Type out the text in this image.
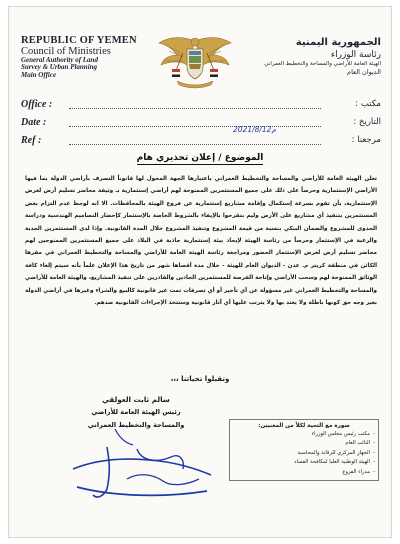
REPUBLIC OF YEMEN
Council of Ministries
General Authority of Land
Survey & Urban Planning
Main Office
الجمهورية اليمنية
رئاسة الوزراء
الهيئة العامة للأراضي والمساحة والتخطيط العمراني
الديوان العام
Office :	مكتب :
Date :	التاريخ :
2021/8/12م
Ref :	مرجعنا :
الموضوع / إعلان تحذيري هام
تعلن الهيئة العامة للأراضي والمساحة والتخطيط العمراني باعتبارها الجهة المخول لها قانوناً التصرف بأراضي الدولة بما فيها الأراضي الإستثمارية وحرصاً على ذلك على جميع المستثمرين الممنوحة لهم أراضي إستثمارية بـ وثيقة محاضر تسليم أرض لغرض الإستثمارية، بأن تقوم بسرعة إستكمال وإقامة مشاريع إستثمارية عن فروع الهيئة بالمحافظات. الا انه لوحظ عدم التزام بعض المستثمرين بتنفيذ أي مشاريع على الأرض وليم بتقرحوا بالإيفاء بالشروط الخاصة بالإستثمار كإحضار التصاميم الهندسية ودراسة الجدوى للمشروع والضمان البنكي بنسبة من قيمة المشروع وتنفيذ المشروع خلال المدة القانونية. وإذا لدى المستثمرين الجدية والرغبة في الإستثمار وحرصاً من رئاسة الهيئة لإيجاد بيئة إستثمارية جاذبة في البلاد على جميع المستثمرين الممنوحين لهم محاضر تسليم أرض لغرض الإستثمار الحضور ومراجعة رئاسة الهيئة العامة للأراضي والمساحة والتخطيط العمراني في مقرها الكائن في منطقة كريتر م. عدن - الديوان العام للهيئة - خلال مدة أقصاها شهر من تاريخ هذا الإعلان علماً بأنه سيتم إلغاء كافة الوثائق الممنوحة لهم وسحب الأراضي وإتاحة الفرصة للمستثمرين الجادين والقادرين على تنفيذ المشاريع، والهيئة العامة للأراضي والمساحة والتخطيط العمراني غير مسؤولة عن أي تأخير أو أي تصرفات تمت غير قانونية كالبيع والشراء وغيرها في أراضي الدولة بغير وجه حق كونها باطلة ولا يعتد بها ولا يترتب عليها أي آثار قانونية وستتخذ الإجراءات القانونية ضدهم.
وتقبلوا تحياتنا ،،،
سالم ثابت العولقي
رئيس الهيئة العامة للأراضي
والمساحة والتخطيط العمراني	صورة مع التحية لكلاً من المعنيين:
- مكتب رئيس مجلس الوزراء
- النائب العام
- الجهاز المركزي للرقابة والمحاسبة
- الهيئة الوطنية العليا لمكافحة الفساد
- مدراء الفروع
